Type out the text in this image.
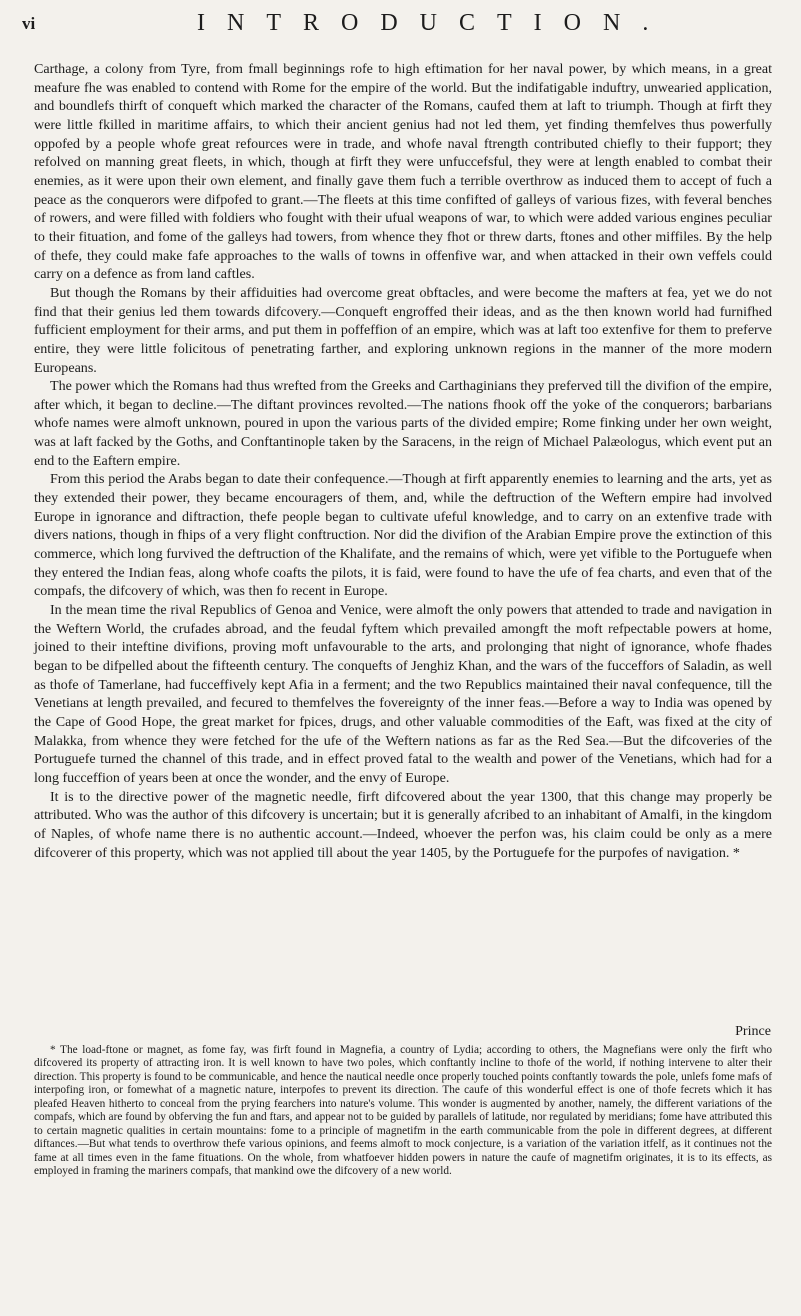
vi	INTRODUCTION.

Carthage, a colony from Tyre, from fmall beginnings rofe to high eftimation for her naval power, by which means, in a great meafure fhe was enabled to contend with Rome for the empire of the world. But the indifatigable induftry, unwearied application, and boundlefs thirft of conqueft which marked the character of the Romans, caufed them at laft to triumph. Though at firft they were little fkilled in maritime affairs, to which their ancient genius had not led them, yet finding themfelves thus powerfully oppofed by a people whofe great refources were in trade, and whofe naval ftrength contributed chiefly to their fupport; they refolved on manning great fleets, in which, though at firft they were unfuccefsful, they were at length enabled to combat their enemies, as it were upon their own element, and finally gave them fuch a terrible overthrow as induced them to accept of fuch a peace as the conquerors were difpofed to grant.—The fleets at this time confifted of galleys of various fizes, with feveral benches of rowers, and were filled with foldiers who fought with their ufual weapons of war, to which were added various engines peculiar to their fituation, and fome of the galleys had towers, from whence they fhot or threw darts, ftones and other miffiles. By the help of thefe, they could make fafe approaches to the walls of towns in offenfive war, and when attacked in their own veffels could carry on a defence as from land caftles.

But though the Romans by their affiduities had overcome great obftacles, and were become the mafters at fea, yet we do not find that their genius led them towards difcovery.—Conqueft engroffed their ideas, and as the then known world had furnifhed fufficient employment for their arms, and put them in poffeffion of an empire, which was at laft too extenfive for them to preferve entire, they were little folicitous of penetrating farther, and exploring unknown regions in the manner of the more modern Europeans.

The power which the Romans had thus wrefted from the Greeks and Carthaginians they preferved till the divifion of the empire, after which, it began to decline.—The diftant provinces revolted.—The nations fhook off the yoke of the conquerors; barbarians whofe names were almoft unknown, poured in upon the various parts of the divided empire; Rome finking under her own weight, was at laft facked by the Goths, and Conftantinople taken by the Saracens, in the reign of Michael Palæologus, which event put an end to the Eaftern empire.

From this period the Arabs began to date their confequence.—Though at firft apparently enemies to learning and the arts, yet as they extended their power, they became encouragers of them, and, while the deftruction of the Weftern empire had involved Europe in ignorance and diftraction, thefe people began to cultivate ufeful knowledge, and to carry on an extenfive trade with divers nations, though in fhips of a very flight conftruction. Nor did the divifion of the Arabian Empire prove the extinction of this commerce, which long furvived the deftruction of the Khalifate, and the remains of which, were yet vifible to the Portuguefe when they entered the Indian feas, along whofe coafts the pilots, it is faid, were found to have the ufe of fea charts, and even that of the compafs, the difcovery of which, was then fo recent in Europe.

In the mean time the rival Republics of Genoa and Venice, were almoft the only powers that attended to trade and navigation in the Weftern World, the crufades abroad, and the feudal fyftem which prevailed amongft the moft refpectable powers at home, joined to their inteftine divifions, proving moft unfavourable to the arts, and prolonging that night of ignorance, whofe fhades began to be difpelled about the fifteenth century. The conquefts of Jenghiz Khan, and the wars of the fucceffors of Saladin, as well as thofe of Tamerlane, had fucceffively kept Afia in a ferment; and the two Republics maintained their naval confequence, till the Venetians at length prevailed, and fecured to themfelves the fovereignty of the inner feas.—Before a way to India was opened by the Cape of Good Hope, the great market for fpices, drugs, and other valuable commodities of the Eaft, was fixed at the city of Malakka, from whence they were fetched for the ufe of the Weftern nations as far as the Red Sea.—But the difcoveries of the Portuguefe turned the channel of this trade, and in effect proved fatal to the wealth and power of the Venetians, which had for a long fucceffion of years been at once the wonder, and the envy of Europe.

It is to the directive power of the magnetic needle, firft difcovered about the year 1300, that this change may properly be attributed. Who was the author of this difcovery is uncertain; but it is generally afcribed to an inhabitant of Amalfi, in the kingdom of Naples, of whofe name there is no authentic account.—Indeed, whoever the perfon was, his claim could be only as a mere difcoverer of this property, which was not applied till about the year 1405, by the Portuguefe for the purpofes of navigation. *

Prince

* The load-ftone or magnet, as fome fay, was firft found in Magnefia, a country of Lydia; according to others, the Magnefians were only the firft who difcovered its property of attracting iron. It is well known to have two poles, which conftantly incline to thofe of the world, if nothing intervene to alter their direction. This property is found to be communicable, and hence the nautical needle once properly touched points conftantly towards the pole, unlefs fome mafs of interpofing iron, or fomewhat of a magnetic nature, interpofes to prevent its direction. The caufe of this wonderful effect is one of thofe fecrets which it has pleafed Heaven hitherto to conceal from the prying fearchers into nature's volume. This wonder is augmented by another, namely, the different variations of the compafs, which are found by obferving the fun and ftars, and appear not to be guided by parallels of latitude, nor regulated by meridians; fome have attributed this to certain magnetic qualities in certain mountains: fome to a principle of magnetifm in the earth communicable from the pole in different degrees, at different diftances.—But what tends to overthrow thefe various opinions, and feems almoft to mock conjecture, is a variation of the variation itfelf, as it continues not the fame at all times even in the fame fituations. On the whole, from whatfoever hidden powers in nature the caufe of magnetifm originates, it is to its effects, as employed in framing the mariners compafs, that mankind owe the difcovery of a new world.
